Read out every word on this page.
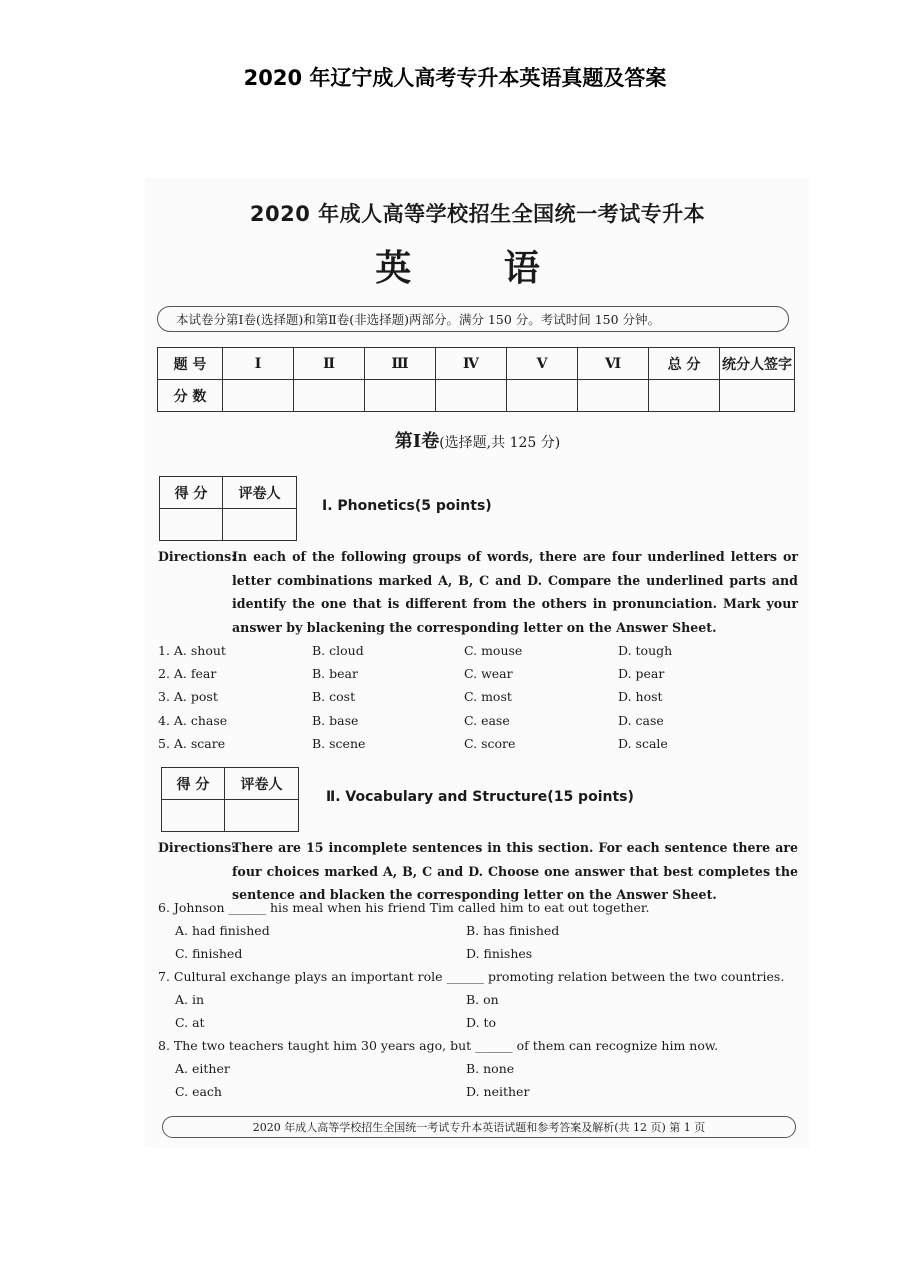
2020 年辽宁成人高考专升本英语真题及答案
2020 年成人高等学校招生全国统一考试专升本
英 语
本试卷分第Ⅰ卷(选择题)和第Ⅱ卷(非选择题)两部分。满分 150 分。考试时间 150 分钟。
题 号	Ⅰ	Ⅱ	Ⅲ	Ⅳ	Ⅴ	Ⅵ	总 分	统分人签字
分 数								
第Ⅰ卷(选择题,共 125 分)
得 分	评卷人

Ⅰ. Phonetics(5 points)
Directions:
In each of the following groups of words, there are four underlined letters or letter combinations marked A, B, C and D. Compare the underlined parts and identify the one that is different from the others in pronunciation. Mark your answer by blackening the corresponding letter on the Answer Sheet.
1. A. shout	B. cloud	C. mouse	D. tough
2. A. fear	B. bear	C. wear	D. pear
3. A. post	B. cost	C. most	D. host
4. A. chase	B. base	C. ease	D. case
5. A. scare	B. scene	C. score	D. scale
得 分	评卷人

Ⅱ. Vocabulary and Structure(15 points)
Directions:
There are 15 incomplete sentences in this section. For each sentence there are four choices marked A, B, C and D. Choose one answer that best completes the sentence and blacken the corresponding letter on the Answer Sheet.
6. Johnson ______ his meal when his friend Tim called him to eat out together.
A. had finished	B. has finished
C. finished	D. finishes
7. Cultural exchange plays an important role ______ promoting relation between the two countries.
A. in	B. on
C. at	D. to
8. The two teachers taught him 30 years ago, but ______ of them can recognize him now.
A. either	B. none
C. each	D. neither
2020 年成人高等学校招生全国统一考试专升本英语试题和参考答案及解析(共 12 页) 第 1 页
